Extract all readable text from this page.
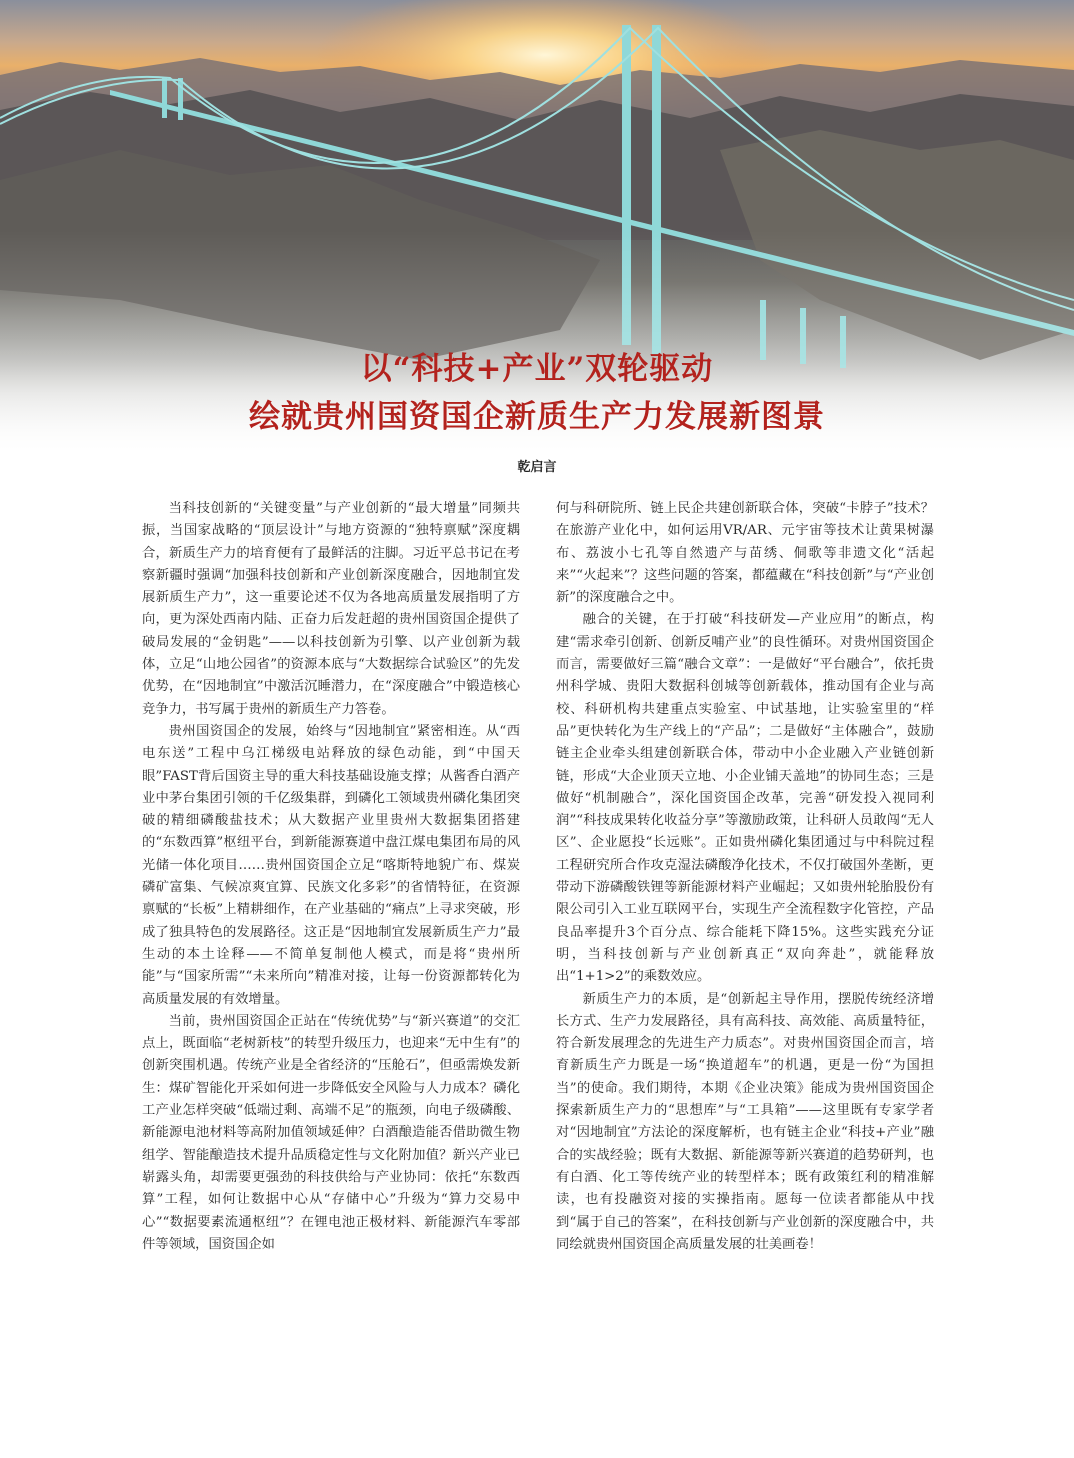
以“科技+产业”双轮驱动
绘就贵州国资国企新质生产力发展新图景
乾启言

当科技创新的“关键变量”与产业创新的“最大增量”同频共振，当国家战略的“顶层设计”与地方资源的“独特禀赋”深度耦合，新质生产力的培育便有了最鲜活的注脚。习近平总书记在考察新疆时强调“加强科技创新和产业创新深度融合，因地制宜发展新质生产力”，这一重要论述不仅为各地高质量发展指明了方向，更为深处西南内陆、正奋力后发赶超的贵州国资国企提供了破局发展的“金钥匙”——以科技创新为引擎、以产业创新为载体，立足“山地公园省”的资源本底与“大数据综合试验区”的先发优势，在“因地制宜”中激活沉睡潜力，在“深度融合”中锻造核心竞争力，书写属于贵州的新质生产力答卷。

贵州国资国企的发展，始终与“因地制宜”紧密相连。从“西电东送”工程中乌江梯级电站释放的绿色动能，到“中国天眼”FAST背后国资主导的重大科技基础设施支撑；从酱香白酒产业中茅台集团引领的千亿级集群，到磷化工领域贵州磷化集团突破的精细磷酸盐技术；从大数据产业里贵州大数据集团搭建的“东数西算”枢纽平台，到新能源赛道中盘江煤电集团布局的风光储一体化项目……贵州国资国企立足“喀斯特地貌广布、煤炭磷矿富集、气候凉爽宜算、民族文化多彩”的省情特征，在资源禀赋的“长板”上精耕细作，在产业基础的“痛点”上寻求突破，形成了独具特色的发展路径。这正是“因地制宜发展新质生产力”最生动的本土诠释——不简单复制他人模式，而是将“贵州所能”与“国家所需”“未来所向”精准对接，让每一份资源都转化为高质量发展的有效增量。

当前，贵州国资国企正站在“传统优势”与“新兴赛道”的交汇点上，既面临“老树新枝”的转型升级压力，也迎来“无中生有”的创新突围机遇。传统产业是全省经济的“压舱石”，但亟需焕发新生：煤矿智能化开采如何进一步降低安全风险与人力成本？磷化工产业怎样突破“低端过剩、高端不足”的瓶颈，向电子级磷酸、新能源电池材料等高附加值领域延伸？白酒酿造能否借助微生物组学、智能酿造技术提升品质稳定性与文化附加值？新兴产业已崭露头角，却需要更强劲的科技供给与产业协同：依托“东数西算”工程，如何让数据中心从“存储中心”升级为“算力交易中心”“数据要素流通枢纽”？在锂电池正极材料、新能源汽车零部件等领域，国资国企如

何与科研院所、链上民企共建创新联合体，突破“卡脖子”技术？在旅游产业化中，如何运用VR/AR、元宇宙等技术让黄果树瀑布、荔波小七孔等自然遗产与苗绣、侗歌等非遗文化“活起来”“火起来”？这些问题的答案，都蕴藏在“科技创新”与“产业创新”的深度融合之中。

融合的关键，在于打破“科技研发—产业应用”的断点，构建“需求牵引创新、创新反哺产业”的良性循环。对贵州国资国企而言，需要做好三篇“融合文章”：一是做好“平台融合”，依托贵州科学城、贵阳大数据科创城等创新载体，推动国有企业与高校、科研机构共建重点实验室、中试基地，让实验室里的“样品”更快转化为生产线上的“产品”；二是做好“主体融合”，鼓励链主企业牵头组建创新联合体，带动中小企业融入产业链创新链，形成“大企业顶天立地、小企业铺天盖地”的协同生态；三是做好“机制融合”，深化国资国企改革，完善“研发投入视同利润”“科技成果转化收益分享”等激励政策，让科研人员敢闯“无人区”、企业愿投“长远账”。正如贵州磷化集团通过与中科院过程工程研究所合作攻克湿法磷酸净化技术，不仅打破国外垄断，更带动下游磷酸铁锂等新能源材料产业崛起；又如贵州轮胎股份有限公司引入工业互联网平台，实现生产全流程数字化管控，产品良品率提升3个百分点、综合能耗下降15%。这些实践充分证明，当科技创新与产业创新真正“双向奔赴”，就能释放出“1+1>2”的乘数效应。

新质生产力的本质，是“创新起主导作用，摆脱传统经济增长方式、生产力发展路径，具有高科技、高效能、高质量特征，符合新发展理念的先进生产力质态”。对贵州国资国企而言，培育新质生产力既是一场“换道超车”的机遇，更是一份“为国担当”的使命。我们期待，本期《企业决策》能成为贵州国资国企探索新质生产力的“思想库”与“工具箱”——这里既有专家学者对“因地制宜”方法论的深度解析，也有链主企业“科技+产业”融合的实战经验；既有大数据、新能源等新兴赛道的趋势研判，也有白酒、化工等传统产业的转型样本；既有政策红利的精准解读，也有投融资对接的实操指南。愿每一位读者都能从中找到“属于自己的答案”，在科技创新与产业创新的深度融合中，共同绘就贵州国资国企高质量发展的壮美画卷！
